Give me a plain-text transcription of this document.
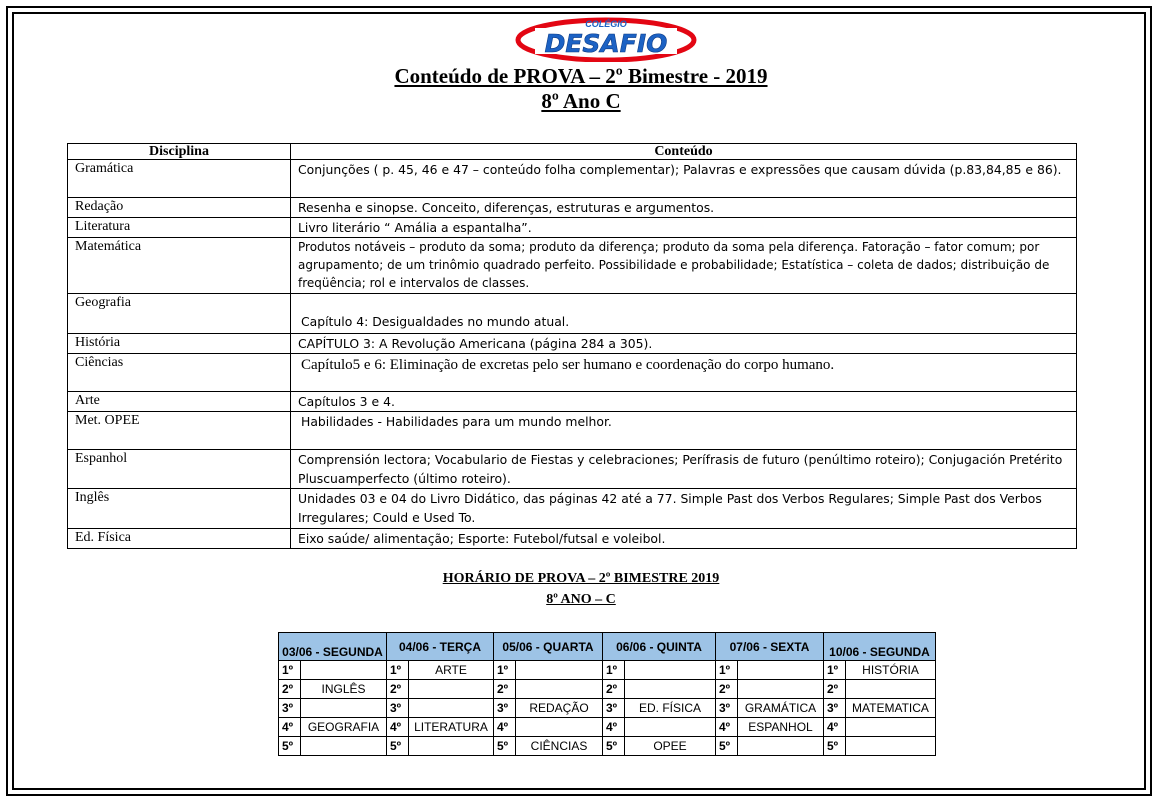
COLÉGIO
DESAFIO
Conteúdo de PROVA – 2º Bimestre - 2019
8º Ano C
Disciplina	Conteúdo
Gramática	Conjunções ( p. 45, 46 e 47 – conteúdo folha complementar); Palavras e expressões que causam dúvida (p.83,84,85 e 86).
Redação	Resenha e sinopse. Conceito, diferenças, estruturas e argumentos.
Literatura	Livro literário “ Amália a espantalha”.
Matemática	Produtos notáveis – produto da soma; produto da diferença; produto da soma pela diferença. Fatoração – fator comum; por agrupamento; de um trinômio quadrado perfeito. Possibilidade e probabilidade; Estatística – coleta de dados; distribuição de freqüência; rol e intervalos de classes.
Geografia	Capítulo 4: Desigualdades no mundo atual.
História	CAPÍTULO 3: A Revolução Americana (página 284 a 305).
Ciências	Capítulo5 e 6: Eliminação de excretas pelo ser humano e coordenação do corpo humano.
Arte	Capítulos 3 e 4.
Met. OPEE	Habilidades - Habilidades para um mundo melhor.
Espanhol	Comprensión lectora; Vocabulario de Fiestas y celebraciones; Perífrasis de futuro (penúltimo roteiro); Conjugación Pretérito Pluscuamperfecto (último roteiro).
Inglês	Unidades 03 e 04 do Livro Didático, das páginas 42 até a 77. Simple Past dos Verbos Regulares; Simple Past dos Verbos Irregulares; Could e Used To.
Ed. Física	Eixo saúde/ alimentação; Esporte: Futebol/futsal e voleibol.
HORÁRIO DE PROVA – 2º BIMESTRE 2019
8º ANO – C
03/06 - SEGUNDA		04/06 - TERÇA		05/06 - QUARTA		06/06 - QUINTA		07/06 - SEXTA		10/06 - SEGUNDA	
1º		1º	ARTE	1º		1º		1º		1º	HISTÓRIA
2º	INGLÊS	2º		2º		2º		2º		2º	
3º		3º		3º	REDAÇÃO	3º	ED. FÍSICA	3º	GRAMÁTICA	3º	MATEMATICA
4º	GEOGRAFIA	4º	LITERATURA	4º		4º		4º	ESPANHOL	4º	
5º		5º		5º	CIÊNCIAS	5º	OPEE	5º		5º	
